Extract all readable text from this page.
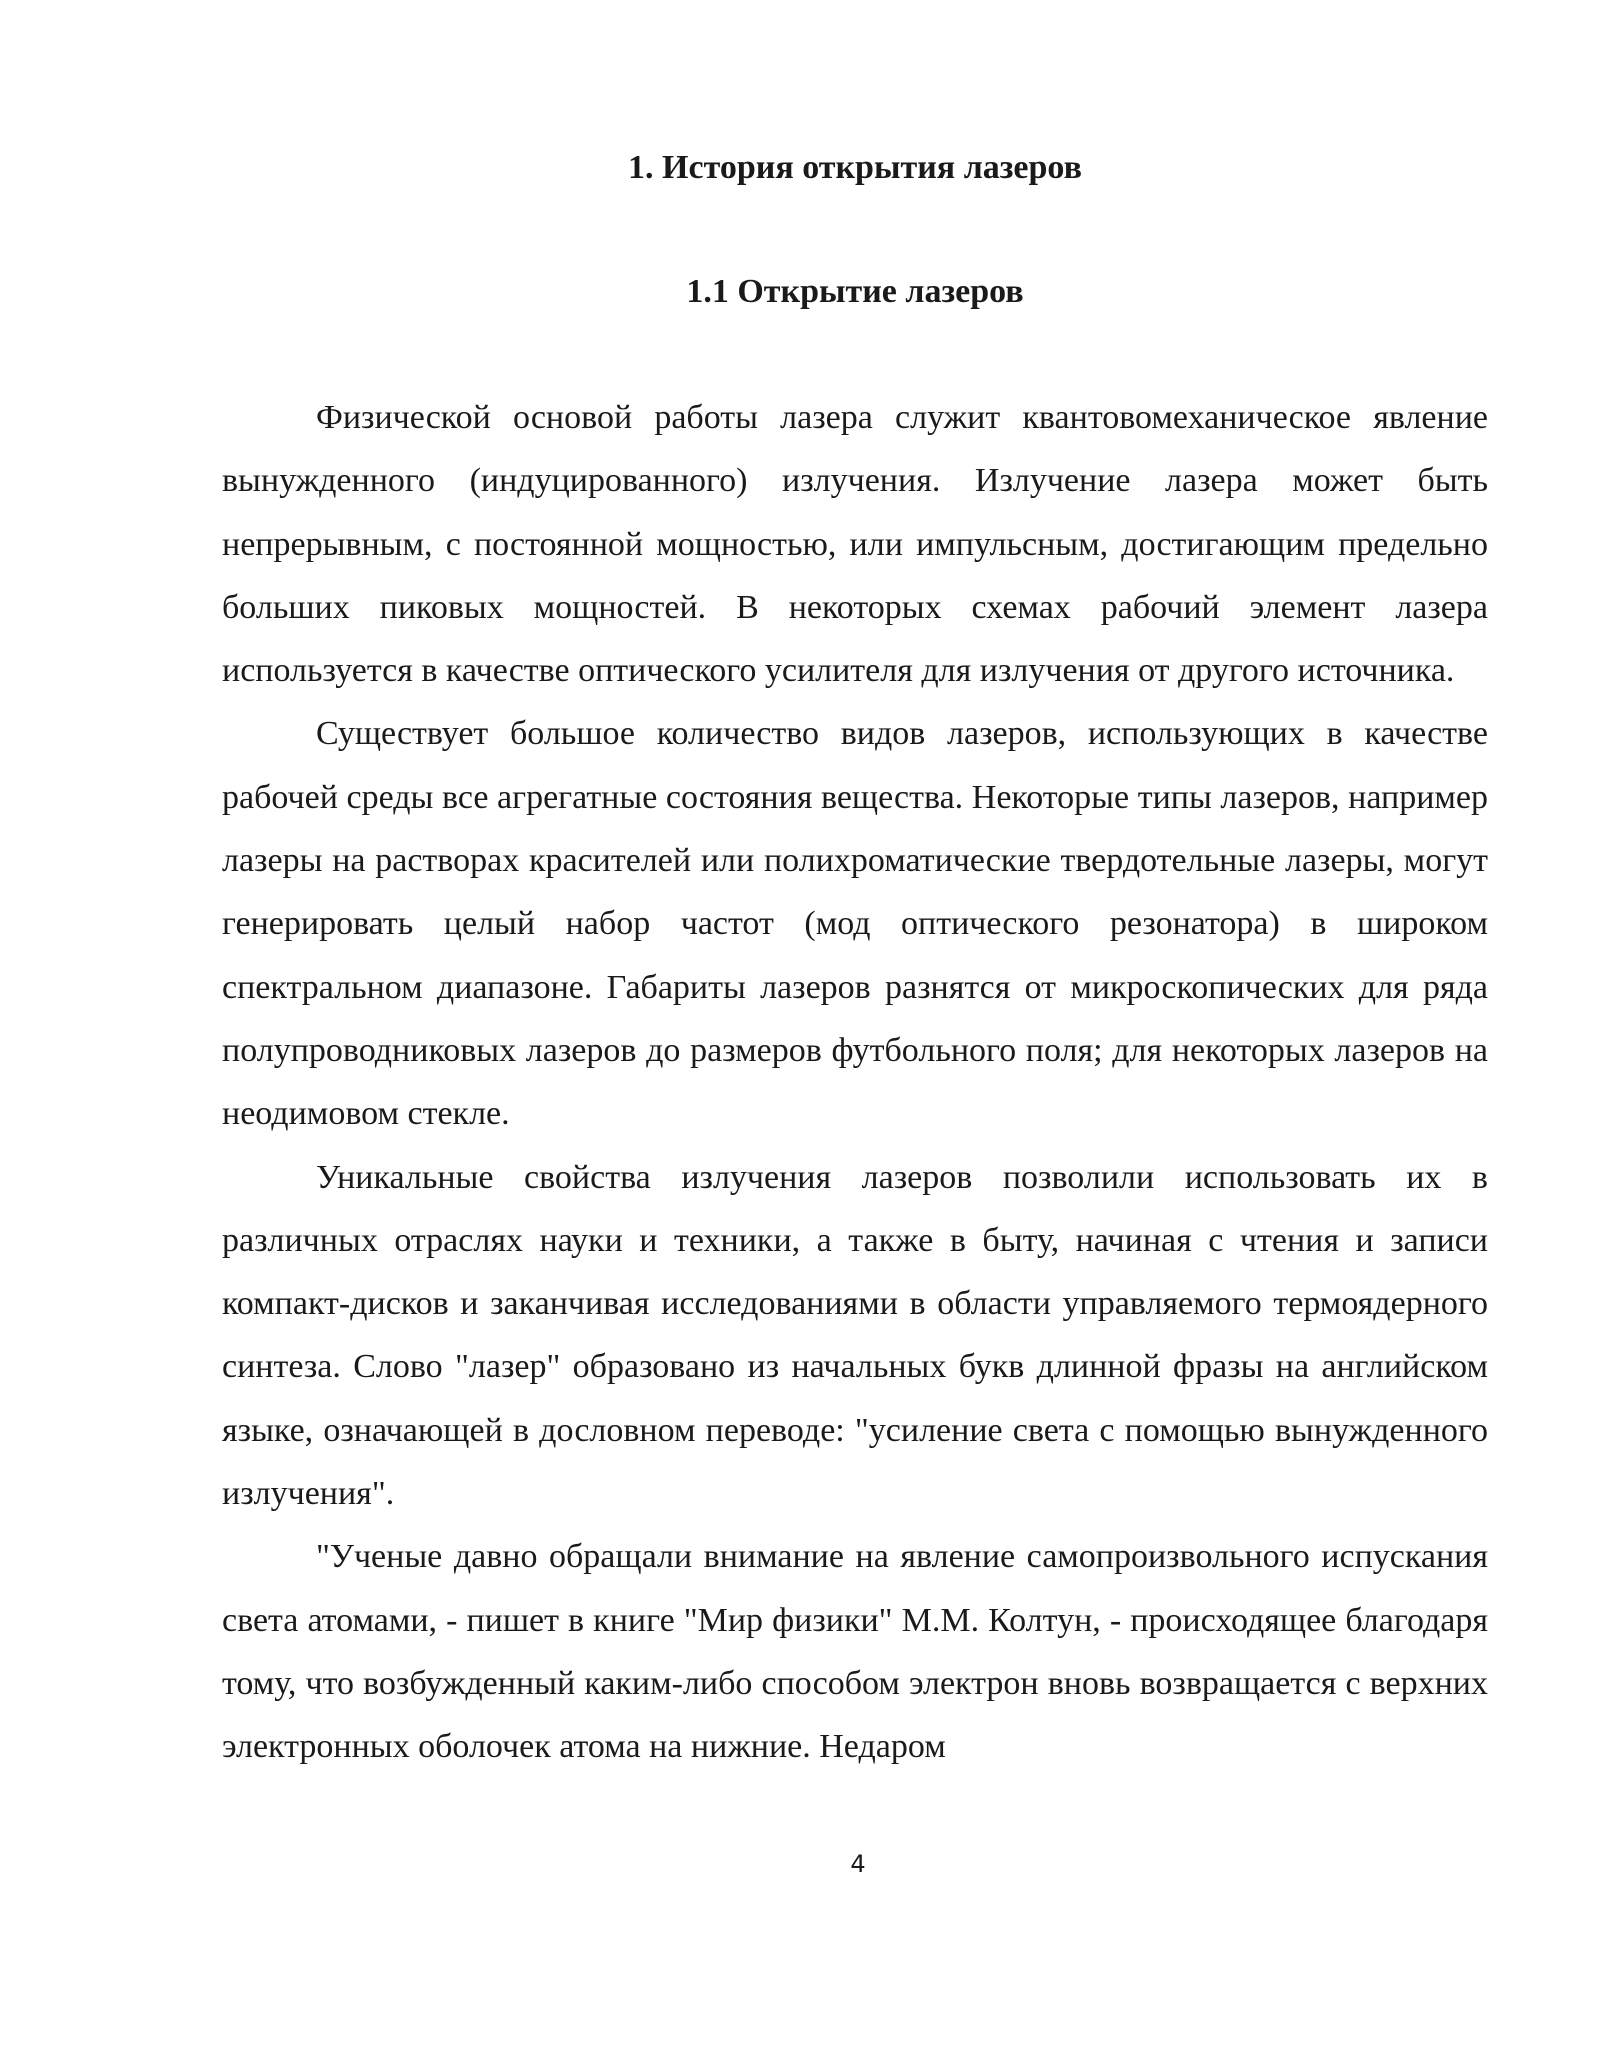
1. История открытия лазеров
1.1 Открытие лазеров

Физической основой работы лазера служит квантовомеханическое явление вынужденного (индуцированного) излучения. Излучение лазера может быть непрерывным, с постоянной мощностью, или импульсным, достигающим предельно больших пиковых мощностей. В некоторых схемах рабочий элемент лазера используется в качестве оптического усилителя для излучения от другого источника.

Существует большое количество видов лазеров, использующих в качестве рабочей среды все агрегатные состояния вещества. Некоторые типы лазеров, например лазеры на растворах красителей или полихроматические твердотельные лазеры, могут генерировать целый набор частот (мод оптического резонатора) в широком спектральном диапазоне. Габариты лазеров разнятся от микроскопических для ряда полупроводниковых лазеров до размеров футбольного поля; для некоторых лазеров на неодимовом стекле.

Уникальные свойства излучения лазеров позволили использовать их в различных отраслях науки и техники, а также в быту, начиная с чтения и записи компакт-дисков и заканчивая исследованиями в области управляемого термоядерного синтеза. Слово "лазер" образовано из начальных букв длинной фразы на английском языке, означающей в дословном переводе: "усиление света с помощью вынужденного излучения".

"Ученые давно обращали внимание на явление самопроизвольного испускания света атомами, - пишет в книге "Мир физики" М.М. Колтун, - происходящее благодаря тому, что возбужденный каким-либо способом электрон вновь возвращается с верхних электронных оболочек атома на нижние. Недаром

4
